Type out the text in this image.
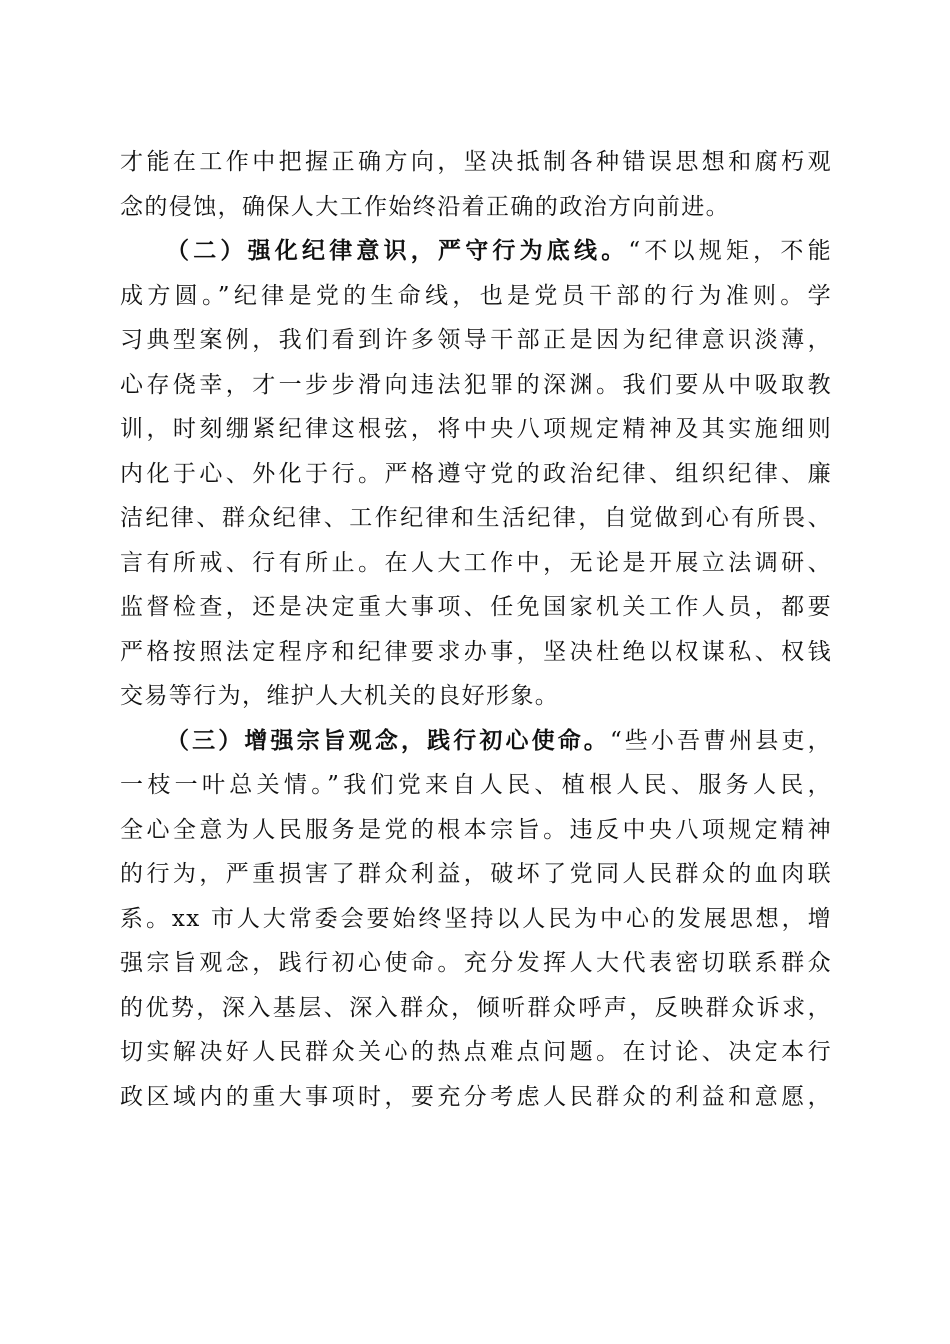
才能在工作中把握正确方向，坚决抵制各种错误思想和腐朽观
念的侵蚀，确保人大工作始终沿着正确的政治方向前进。
（二）强化纪律意识，严守行为底线。“不以规矩，不能
成方圆。”纪律是党的生命线，也是党员干部的行为准则。学
习典型案例，我们看到许多领导干部正是因为纪律意识淡薄，
心存侥幸，才一步步滑向违法犯罪的深渊。我们要从中吸取教
训，时刻绷紧纪律这根弦，将中央八项规定精神及其实施细则
内化于心、外化于行。严格遵守党的政治纪律、组织纪律、廉
洁纪律、群众纪律、工作纪律和生活纪律，自觉做到心有所畏、
言有所戒、行有所止。在人大工作中，无论是开展立法调研、
监督检查，还是决定重大事项、任免国家机关工作人员，都要
严格按照法定程序和纪律要求办事，坚决杜绝以权谋私、权钱
交易等行为，维护人大机关的良好形象。
（三）增强宗旨观念，践行初心使命。“些小吾曹州县吏，
一枝一叶总关情。”我们党来自人民、植根人民、服务人民，
全心全意为人民服务是党的根本宗旨。违反中央八项规定精神
的行为，严重损害了群众利益，破坏了党同人民群众的血肉联
系。xx 市人大常委会要始终坚持以人民为中心的发展思想，增
强宗旨观念，践行初心使命。充分发挥人大代表密切联系群众
的优势，深入基层、深入群众，倾听群众呼声，反映群众诉求，
切实解决好人民群众关心的热点难点问题。在讨论、决定本行
政区域内的重大事项时，要充分考虑人民群众的利益和意愿，
